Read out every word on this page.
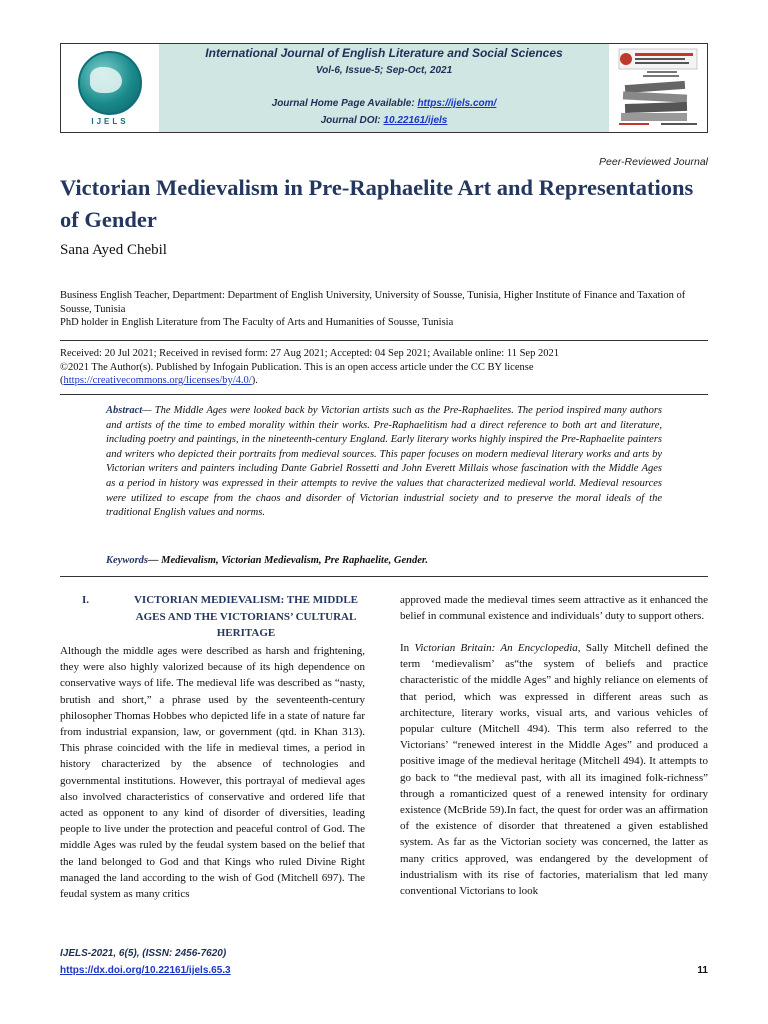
IJELS
International Journal of English Literature and Social Sciences
Vol-6, Issue-5; Sep-Oct, 2021
Journal Home Page Available: https://ijels.com/
Journal DOI: 10.22161/ijels
Peer-Reviewed Journal
Victorian Medievalism in Pre-Raphaelite Art and Representations of Gender
Sana Ayed Chebil
Business English Teacher, Department: Department of English University, University of Sousse, Tunisia, Higher Institute of Finance and Taxation of Sousse, Tunisia
PhD holder in English Literature from The Faculty of Arts and Humanities of Sousse, Tunisia
Received: 20 Jul 2021; Received in revised form: 27 Aug 2021; Accepted: 04 Sep 2021; Available online: 11 Sep 2021
©2021 The Author(s). Published by Infogain Publication. This is an open access article under the CC BY license
(https://creativecommons.org/licenses/by/4.0/).
Abstract— The Middle Ages were looked back by Victorian artists such as the Pre-Raphaelites. The period inspired many authors and artists of the time to embed morality within their works. Pre-Raphaelitism had a direct reference to both art and literature, including poetry and paintings, in the nineteenth-century England. Early literary works highly inspired the Pre-Raphaelite painters and writers who depicted their portraits from medieval sources. This paper focuses on modern medieval literary works and arts by Victorian writers and painters including Dante Gabriel Rossetti and John Everett Millais whose fascination with the Middle Ages as a period in history was expressed in their attempts to revive the values that characterized medieval world. Medieval resources were utilized to escape from the chaos and disorder of Victorian industrial society and to preserve the moral ideals of the traditional English values and norms.
Keywords— Medievalism, Victorian Medievalism, Pre Raphaelite, Gender.
I.	VICTORIAN MEDIEVALISM: THE MIDDLE AGES AND THE VICTORIANS’ CULTURAL HERITAGE

Although the middle ages were described as harsh and frightening, they were also highly valorized because of its high dependence on conservative ways of life. The medieval life was described as “nasty, brutish and short,” a phrase used by the seventeenth-century philosopher Thomas Hobbes who depicted life in a state of nature far from industrial expansion, law, or government (qtd. in Khan 313). This phrase coincided with the life in medieval times, a period in history characterized by the absence of technologies and governmental institutions. However, this portrayal of medieval ages also involved characteristics of conservative and ordered life that acted as opponent to any kind of disorder of diversities, leading people to live under the protection and peaceful control of God. The middle Ages was ruled by the feudal system based on the belief that the land belonged to God and that Kings who ruled Divine Right managed the land according to the wish of God (Mitchell 697). The feudal system as many critics

approved made the medieval times seem attractive as it enhanced the belief in communal existence and individuals’ duty to support others.

In Victorian Britain: An Encyclopedia, Sally Mitchell defined the term ‘medievalism’ as“the system of beliefs and practice characteristic of the middle Ages” and highly reliance on elements of that period, which was expressed in different areas such as architecture, literary works, visual arts, and various vehicles of popular culture (Mitchell 494). This term also referred to the Victorians’ “renewed interest in the Middle Ages” and produced a positive image of the medieval heritage (Mitchell 494). It attempts to go back to “the medieval past, with all its imagined folk-richness” through a romanticized quest of a renewed intensity for ordinary existence (McBride 59).In fact, the quest for order was an affirmation of the existence of disorder that threatened a given established system. As far as the Victorian society was concerned, the latter as many critics approved, was endangered by the development of industrialism with its rise of factories, materialism that led many conventional Victorians to look

IJELS-2021, 6(5), (ISSN: 2456-7620)
https://dx.doi.org/10.22161/ijels.65.3	11
